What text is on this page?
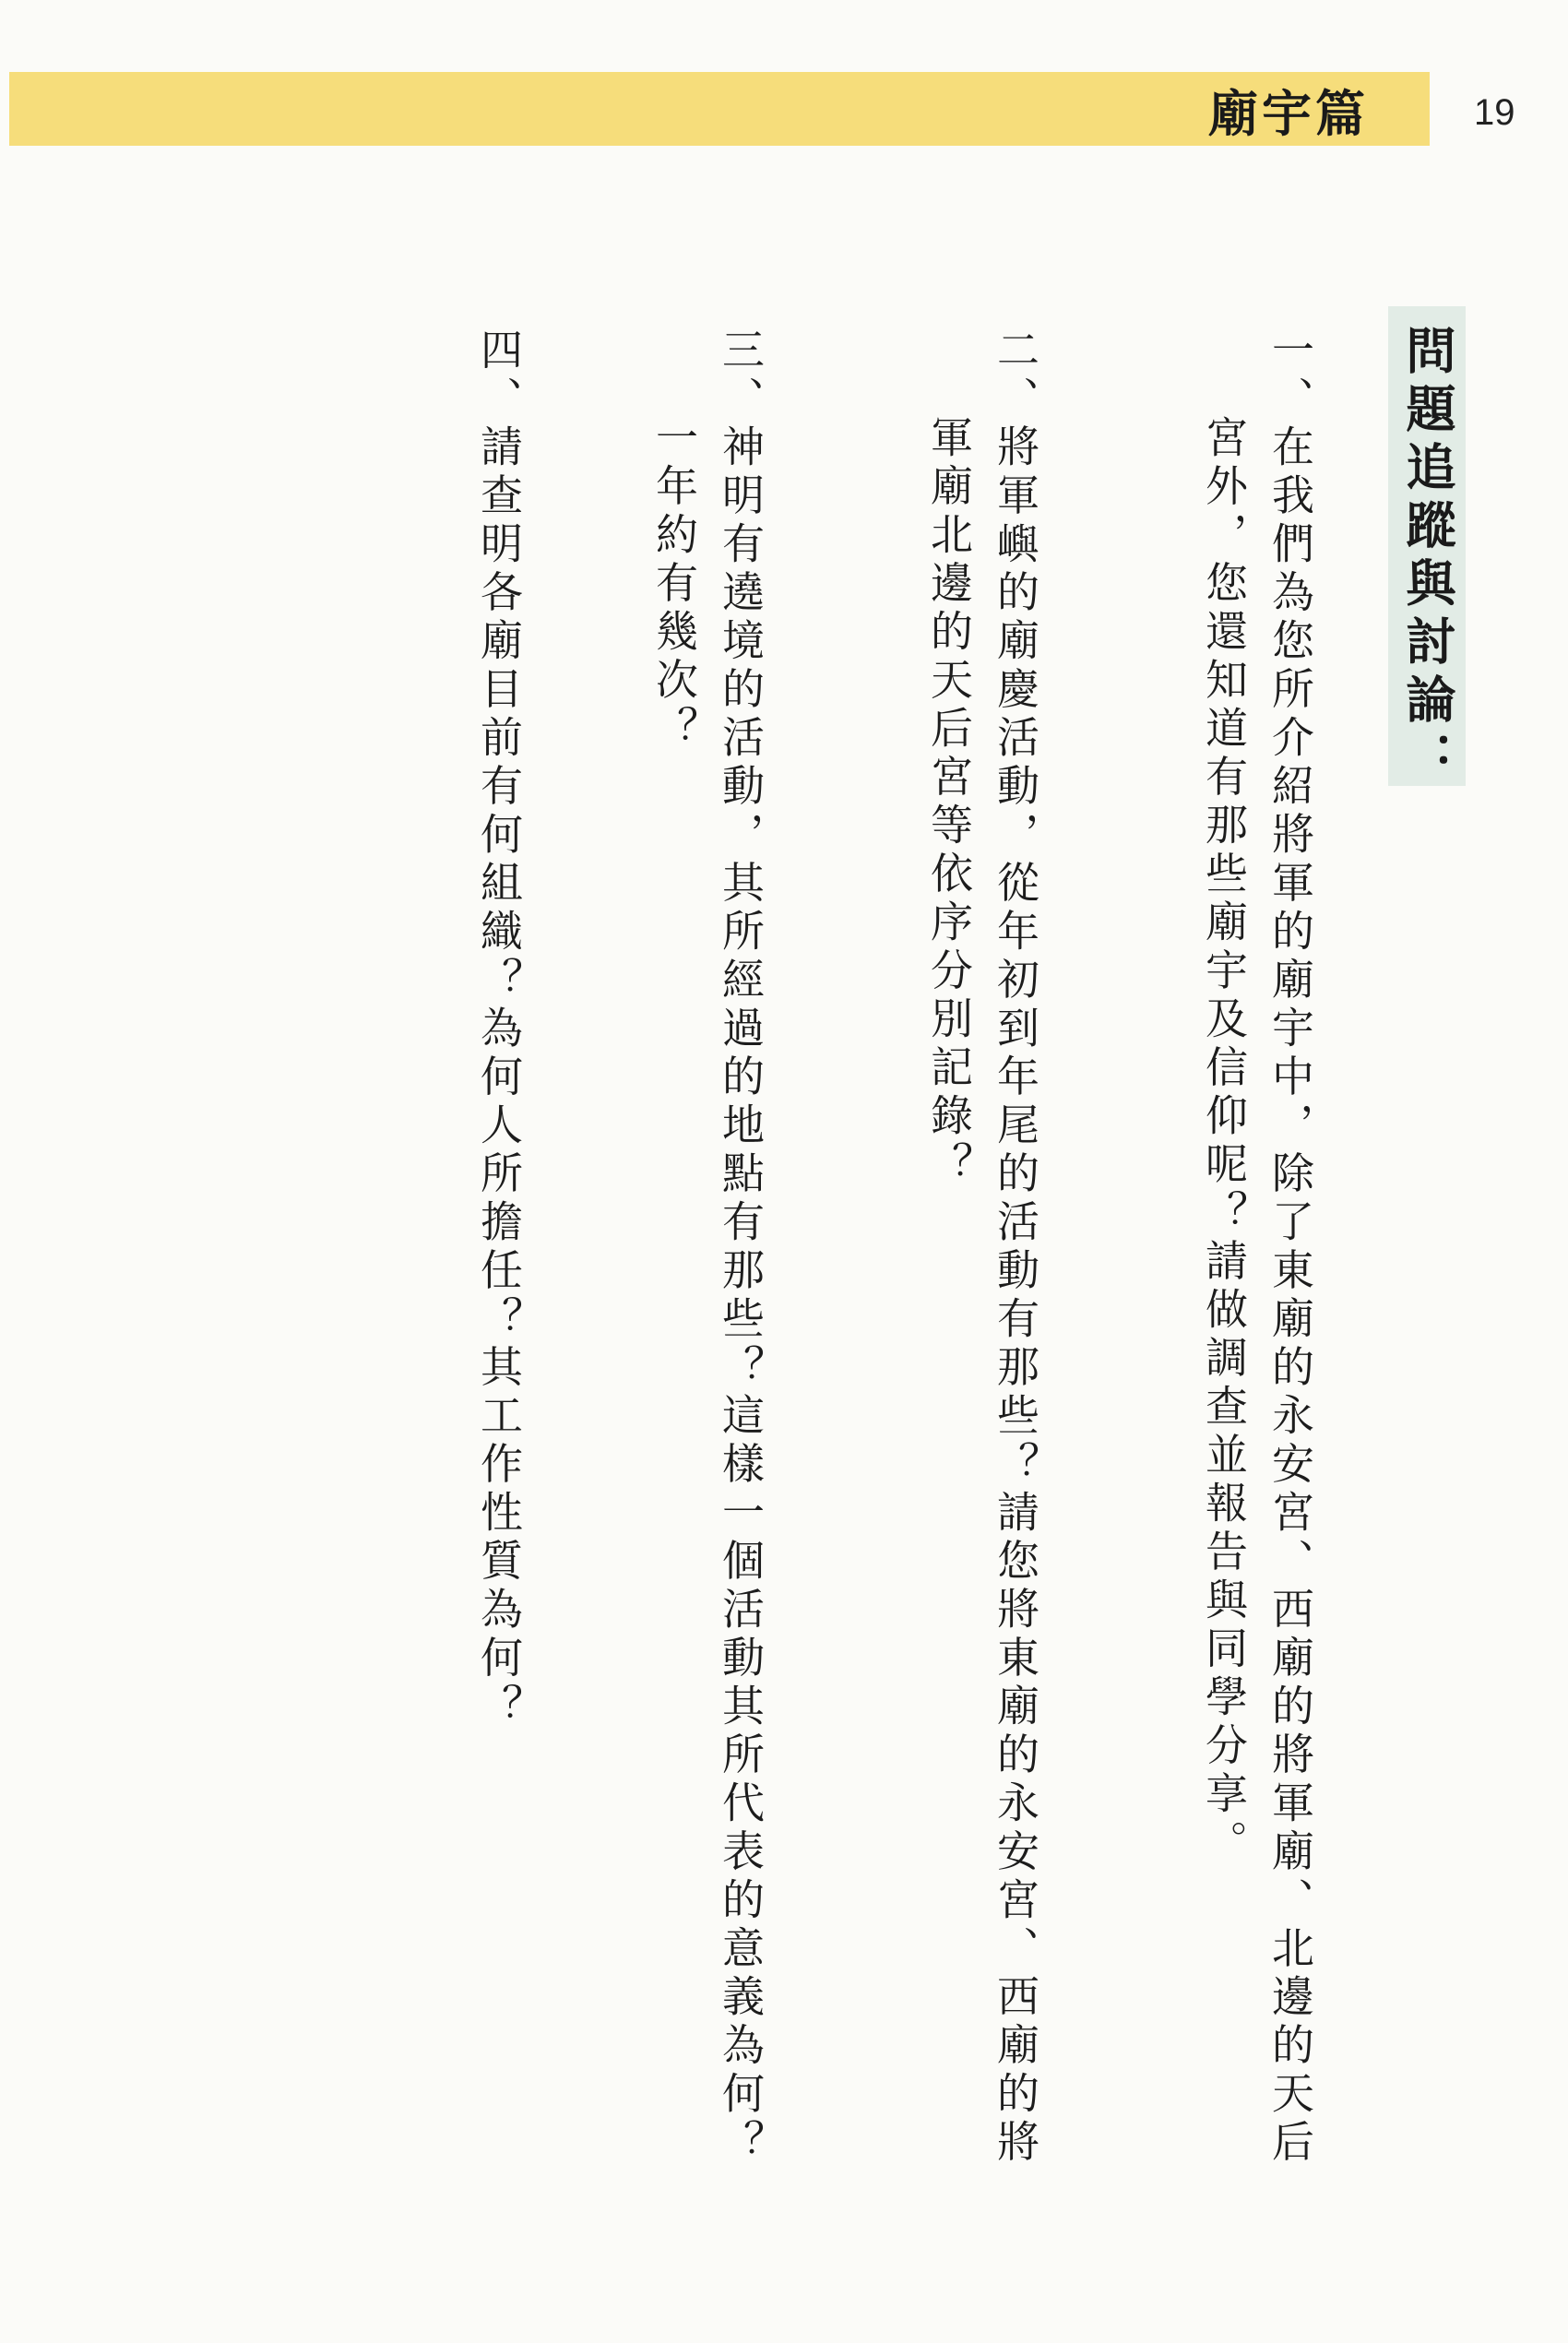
廟宇篇	19
問題追蹤與討論：
一、在我們為您所介紹將軍的廟宇中，除了東廟的永安宮、西廟的將軍廟、北邊的天后
宮外，您還知道有那些廟宇及信仰呢？請做調查並報告與同學分享。
二、將軍嶼的廟慶活動，從年初到年尾的活動有那些？請您將東廟的永安宮、西廟的將
軍廟北邊的天后宮等依序分別記錄？
三、神明有遶境的活動，其所經過的地點有那些？這樣一個活動其所代表的意義為何？
一年約有幾次？
四、請查明各廟目前有何組織？為何人所擔任？其工作性質為何？
